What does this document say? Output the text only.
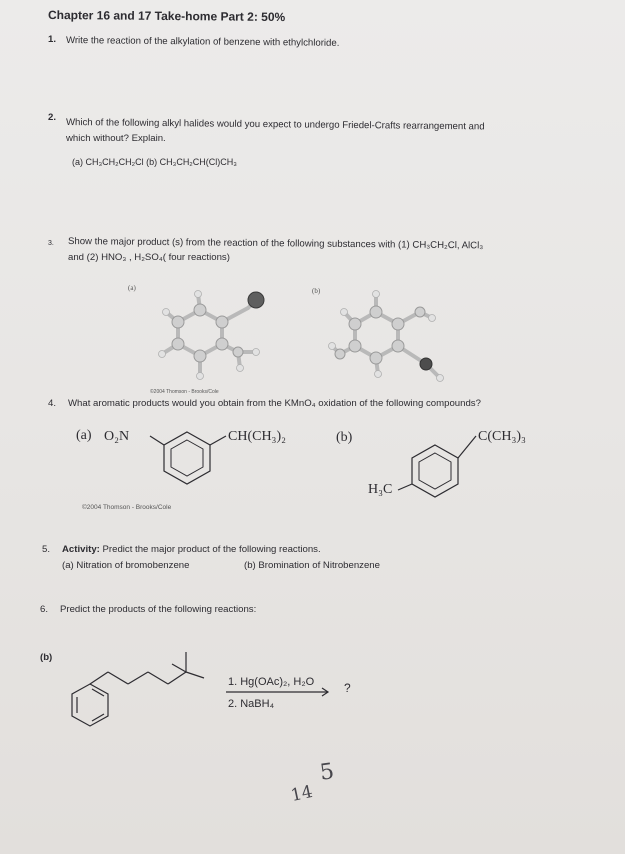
Chapter 16 and 17 Take-home Part 2: 50%
1. Write the reaction of the alkylation of benzene with ethylchloride.
2. Which of the following alkyl halides would you expect to undergo Friedel-Crafts rearrangement and
which without? Explain.
(a) CH₃CH₂CH₂Cl (b) CH₃CH₂CH(Cl)CH₃
3. Show the major product (s) from the reaction of the following substances with (1) CH₃CH₂Cl, AlCl₃
and (2) HNO₃ , H₂SO₄( four reactions)
(a)	(b)
©2004 Thomson - Brooks/Cole
4. What aromatic products would you obtain from the KMnO₄ oxidation of the following compounds?
(a) O₂N	CH(CH₃)₂	(b)	C(CH₃)₃
H₃C
©2004 Thomson - Brooks/Cole
5. Activity: Predict the major product of the following reactions.
(a) Nitration of bromobenzene	(b) Bromination of Nitrobenzene
6. Predict the products of the following reactions:
(b)
1. Hg(OAc)₂, H₂O
2. NaBH₄
?
5
14
